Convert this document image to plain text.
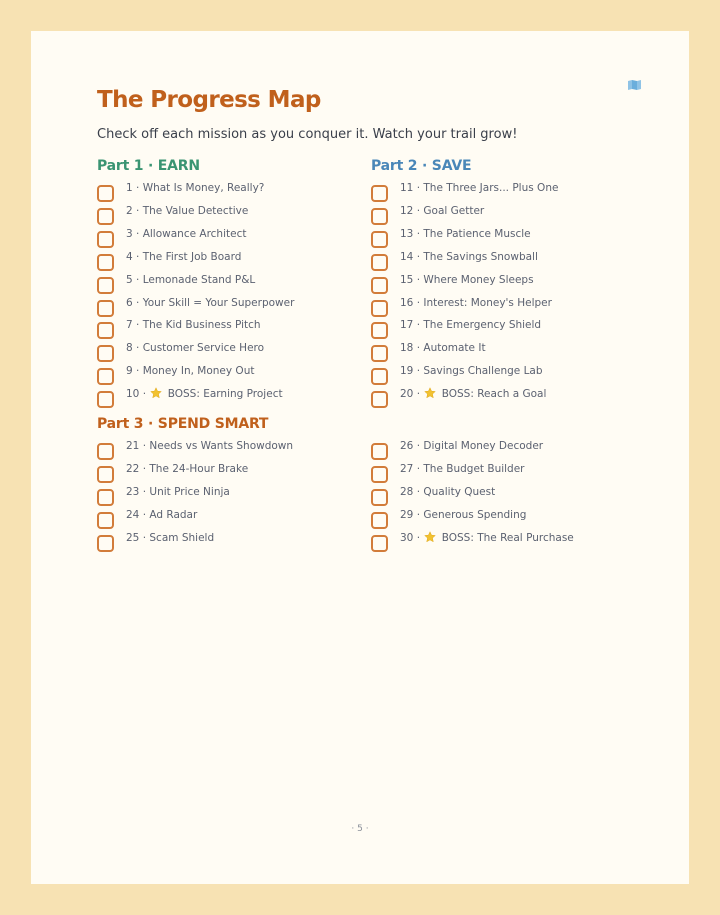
The Progress Map
Check off each mission as you conquer it. Watch your trail grow!
Part 1 · EARN	Part 2 · SAVE
Part 3 · SPEND SMART
1 · What Is Money, Really?
2 · The Value Detective
3 · Allowance Architect
4 · The First Job Board
5 · Lemonade Stand P&L
6 · Your Skill = Your Superpower
7 · The Kid Business Pitch
8 · Customer Service Hero
9 · Money In, Money Out
10 ·  BOSS: Earning Project
11 · The Three Jars... Plus One
12 · Goal Getter
13 · The Patience Muscle
14 · The Savings Snowball
15 · Where Money Sleeps
16 · Interest: Money's Helper
17 · The Emergency Shield
18 · Automate It
19 · Savings Challenge Lab
20 ·  BOSS: Reach a Goal
21 · Needs vs Wants Showdown
22 · The 24-Hour Brake
23 · Unit Price Ninja
24 · Ad Radar
25 · Scam Shield
26 · Digital Money Decoder
27 · The Budget Builder
28 · Quality Quest
29 · Generous Spending
30 ·  BOSS: The Real Purchase
· 5 ·
